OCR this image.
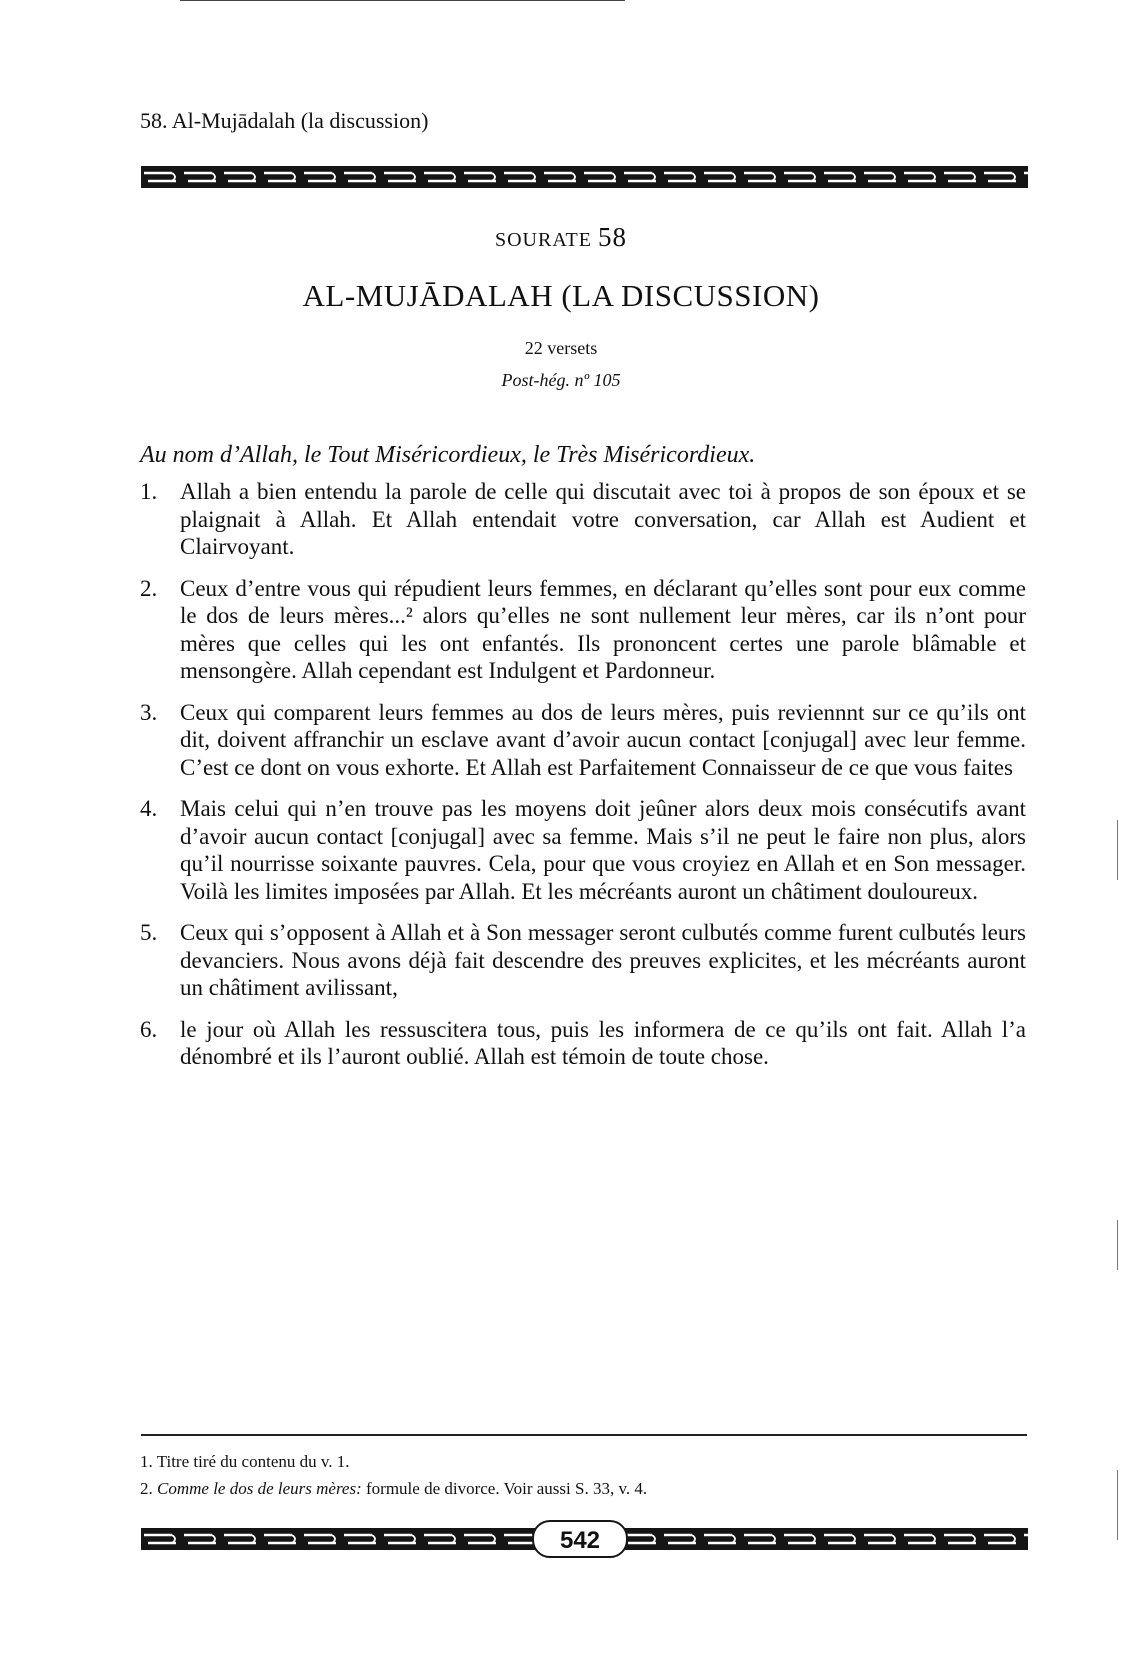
58. Al-Mujādalah (la discussion)
SOURATE 58
AL-MUJĀDALAH (LA DISCUSSION)
22 versets
Post-hég. nº 105
Au nom d’Allah, le Tout Miséricordieux, le Très Miséricordieux.
1. Allah a bien entendu la parole de celle qui discutait avec toi à propos de son époux et se plaignait à Allah. Et Allah entendait votre conversation, car Allah est Audient et Clairvoyant.
2. Ceux d’entre vous qui répudient leurs femmes, en déclarant qu’elles sont pour eux comme le dos de leurs mères...² alors qu’elles ne sont nullement leur mères, car ils n’ont pour mères que celles qui les ont enfantés. Ils prononcent certes une parole blâmable et mensongère. Allah cependant est Indulgent et Pardonneur.
3. Ceux qui comparent leurs femmes au dos de leurs mères, puis reviennnt sur ce qu’ils ont dit, doivent affranchir un esclave avant d’avoir aucun contact [conjugal] avec leur femme. C’est ce dont on vous exhorte. Et Allah est Parfaitement Connaisseur de ce que vous faites
4. Mais celui qui n’en trouve pas les moyens doit jeûner alors deux mois consécutifs avant d’avoir aucun contact [conjugal] avec sa femme. Mais s’il ne peut le faire non plus, alors qu’il nourrisse soixante pauvres. Cela, pour que vous croyiez en Allah et en Son messager. Voilà les limites imposées par Allah. Et les mécréants auront un châtiment douloureux.
5. Ceux qui s’opposent à Allah et à Son messager seront culbutés comme furent culbutés leurs devanciers. Nous avons déjà fait descendre des preuves explicites, et les mécréants auront un châtiment avilissant,
6. le jour où Allah les ressuscitera tous, puis les informera de ce qu’ils ont fait. Allah l’a dénombré et ils l’auront oublié. Allah est témoin de toute chose.
1. Titre tiré du contenu du v. 1.
2. Comme le dos de leurs mères: formule de divorce. Voir aussi S. 33, v. 4.
542
